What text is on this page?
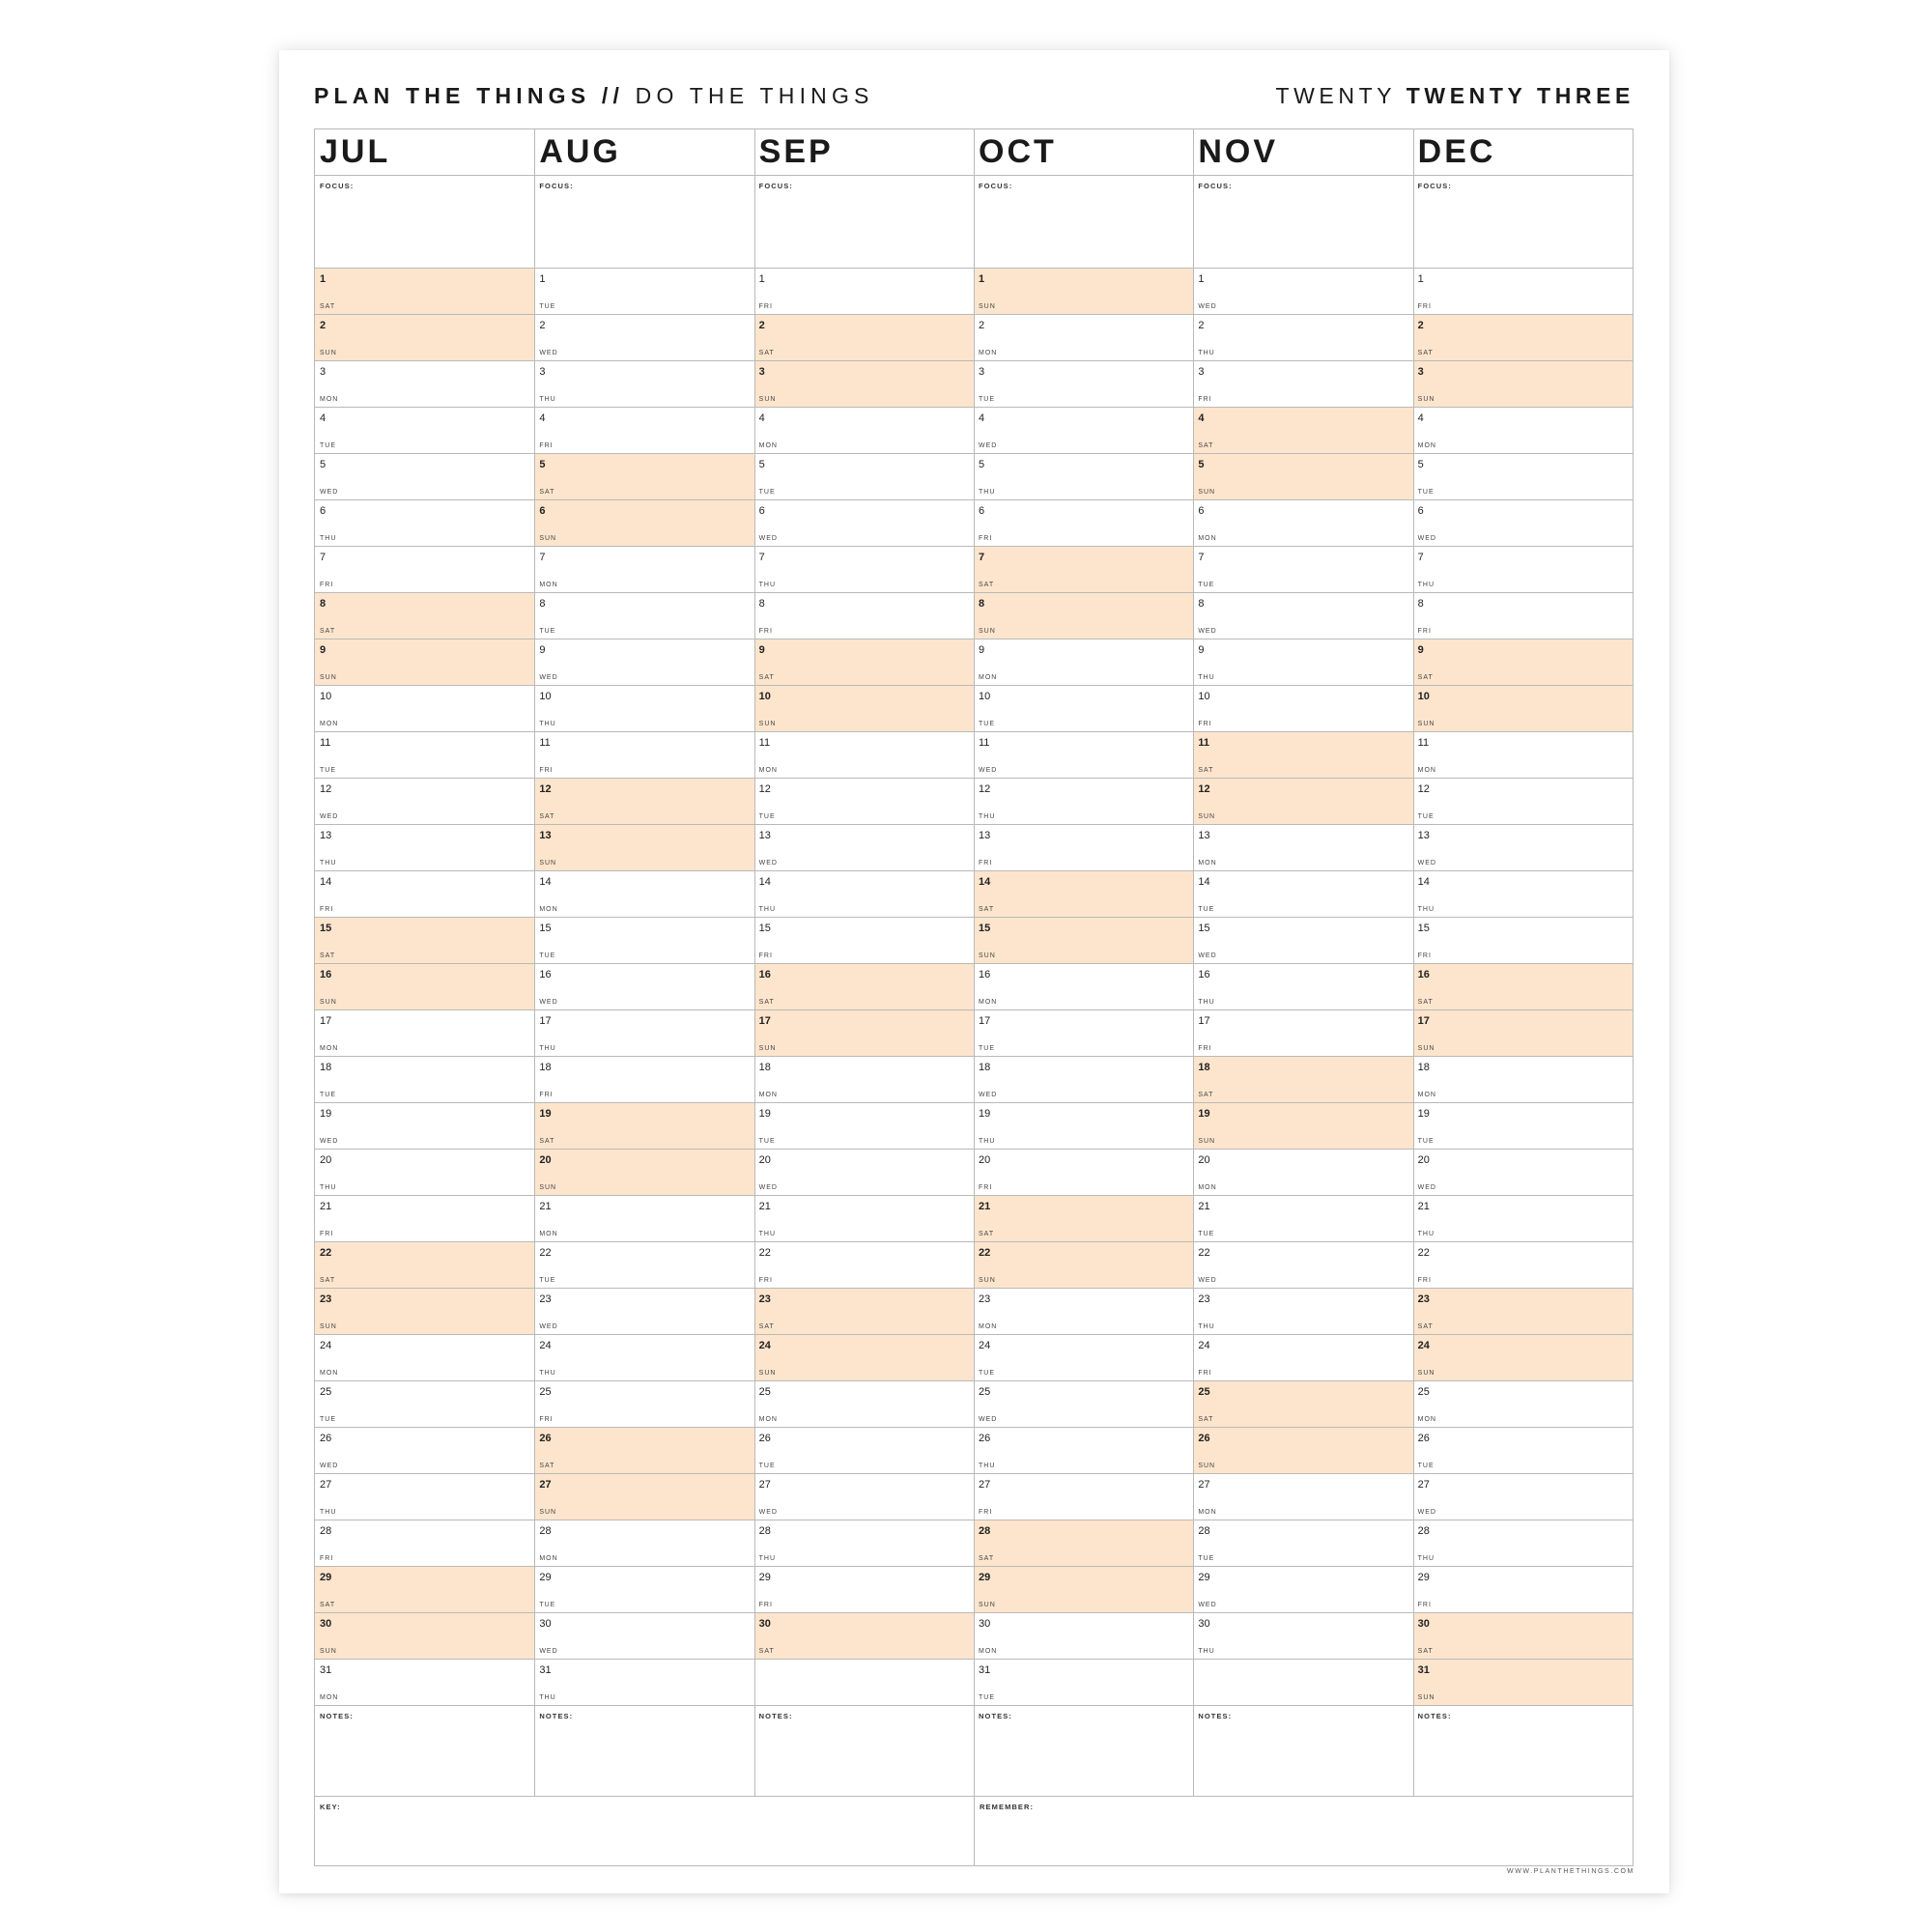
PLAN THE THINGS // DO THE THINGS	TWENTY TWENTY THREE
KEY:	REMEMBER:
JUL
FOCUS:
1
SAT
2
SUN
3
MON
4
TUE
5
WED
6
THU
7
FRI
8
SAT
9
SUN
10
MON
11
TUE
12
WED
13
THU
14
FRI
15
SAT
16
SUN
17
MON
18
TUE
19
WED
20
THU
21
FRI
22
SAT
23
SUN
24
MON
25
TUE
26
WED
27
THU
28
FRI
29
SAT
30
SUN
31
MON
NOTES:
AUG
FOCUS:
1
TUE
2
WED
3
THU
4
FRI
5
SAT
6
SUN
7
MON
8
TUE
9
WED
10
THU
11
FRI
12
SAT
13
SUN
14
MON
15
TUE
16
WED
17
THU
18
FRI
19
SAT
20
SUN
21
MON
22
TUE
23
WED
24
THU
25
FRI
26
SAT
27
SUN
28
MON
29
TUE
30
WED
31
THU
NOTES:
SEP
FOCUS:
1
FRI
2
SAT
3
SUN
4
MON
5
TUE
6
WED
7
THU
8
FRI
9
SAT
10
SUN
11
MON
12
TUE
13
WED
14
THU
15
FRI
16
SAT
17
SUN
18
MON
19
TUE
20
WED
21
THU
22
FRI
23
SAT
24
SUN
25
MON
26
TUE
27
WED
28
THU
29
FRI
30
SAT
NOTES:
OCT
FOCUS:
1
SUN
2
MON
3
TUE
4
WED
5
THU
6
FRI
7
SAT
8
SUN
9
MON
10
TUE
11
WED
12
THU
13
FRI
14
SAT
15
SUN
16
MON
17
TUE
18
WED
19
THU
20
FRI
21
SAT
22
SUN
23
MON
24
TUE
25
WED
26
THU
27
FRI
28
SAT
29
SUN
30
MON
31
TUE
NOTES:
NOV
FOCUS:
1
WED
2
THU
3
FRI
4
SAT
5
SUN
6
MON
7
TUE
8
WED
9
THU
10
FRI
11
SAT
12
SUN
13
MON
14
TUE
15
WED
16
THU
17
FRI
18
SAT
19
SUN
20
MON
21
TUE
22
WED
23
THU
24
FRI
25
SAT
26
SUN
27
MON
28
TUE
29
WED
30
THU
NOTES:
DEC
FOCUS:
1
FRI
2
SAT
3
SUN
4
MON
5
TUE
6
WED
7
THU
8
FRI
9
SAT
10
SUN
11
MON
12
TUE
13
WED
14
THU
15
FRI
16
SAT
17
SUN
18
MON
19
TUE
20
WED
21
THU
22
FRI
23
SAT
24
SUN
25
MON
26
TUE
27
WED
28
THU
29
FRI
30
SAT
31
SUN
NOTES:
WWW.PLANTHETHINGS.COM
